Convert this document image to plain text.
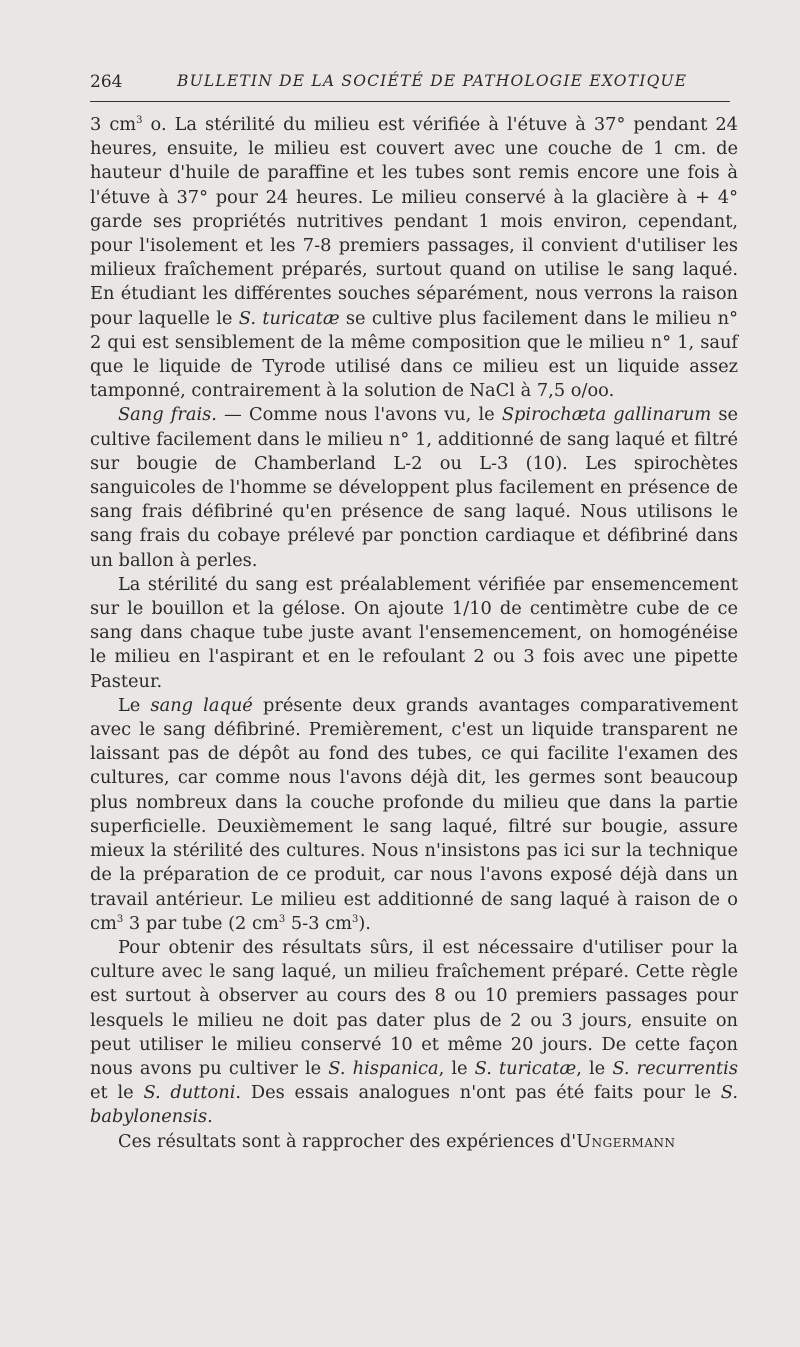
264	BULLETIN DE LA SOCIÉTÉ DE PATHOLOGIE EXOTIQUE

3 $cm^3$ o. La stérilité du milieu est vérifiée à l'étuve à 37° pendant 24 heures, ensuite, le milieu est couvert avec une couche de 1 cm. de hauteur d'huile de paraffine et les tubes sont remis encore une fois à l'étuve à 37° pour 24 heures. Le milieu conservé à la glacière à + 4° garde ses propriétés nutritives pendant 1 mois environ, cependant, pour l'isolement et les 7-8 premiers passages, il convient d'utiliser les milieux fraîchement préparés, surtout quand on utilise le sang laqué. En étudiant les différentes souches séparément, nous verrons la raison pour laquelle le S. turicatæ se cultive plus facilement dans le milieu n° 2 qui est sensiblement de la même composition que le milieu n° 1, sauf que le liquide de Tyrode utilisé dans ce milieu est un liquide assez tamponné, contrairement à la solution de NaCl à 7,5 o/oo.

Sang frais. — Comme nous l'avons vu, le Spirochæta gallinarum se cultive facilement dans le milieu n° 1, additionné de sang laqué et filtré sur bougie de Chamberland L-2 ou L-3 (10). Les spirochètes sanguicoles de l'homme se développent plus facilement en présence de sang frais défibriné qu'en présence de sang laqué. Nous utilisons le sang frais du cobaye prélevé par ponction cardiaque et défibriné dans un ballon à perles.

La stérilité du sang est préalablement vérifiée par ensemencement sur le bouillon et la gélose. On ajoute 1/10 de centimètre cube de ce sang dans chaque tube juste avant l'ensemencement, on homogénéise le milieu en l'aspirant et en le refoulant 2 ou 3 fois avec une pipette Pasteur.

Le sang laqué présente deux grands avantages comparativement avec le sang défibriné. Premièrement, c'est un liquide transparent ne laissant pas de dépôt au fond des tubes, ce qui facilite l'examen des cultures, car comme nous l'avons déjà dit, les germes sont beaucoup plus nombreux dans la couche profonde du milieu que dans la partie superficielle. Deuxièmement le sang laqué, filtré sur bougie, assure mieux la stérilité des cultures. Nous n'insistons pas ici sur la technique de la préparation de ce produit, car nous l'avons exposé déjà dans un travail antérieur. Le milieu est additionné de sang laqué à raison de o $cm^3$ 3 par tube (2 $cm^3$ 5-3 $cm^3$).

Pour obtenir des résultats sûrs, il est nécessaire d'utiliser pour la culture avec le sang laqué, un milieu fraîchement préparé. Cette règle est surtout à observer au cours des 8 ou 10 premiers passages pour lesquels le milieu ne doit pas dater plus de 2 ou 3 jours, ensuite on peut utiliser le milieu conservé 10 et même 20 jours. De cette façon nous avons pu cultiver le S. hispanica, le S. turicatæ, le S. recurrentis et le S. duttoni. Des essais analogues n'ont pas été faits pour le S. babylonensis.

Ces résultats sont à rapprocher des expériences d'Ungermann
